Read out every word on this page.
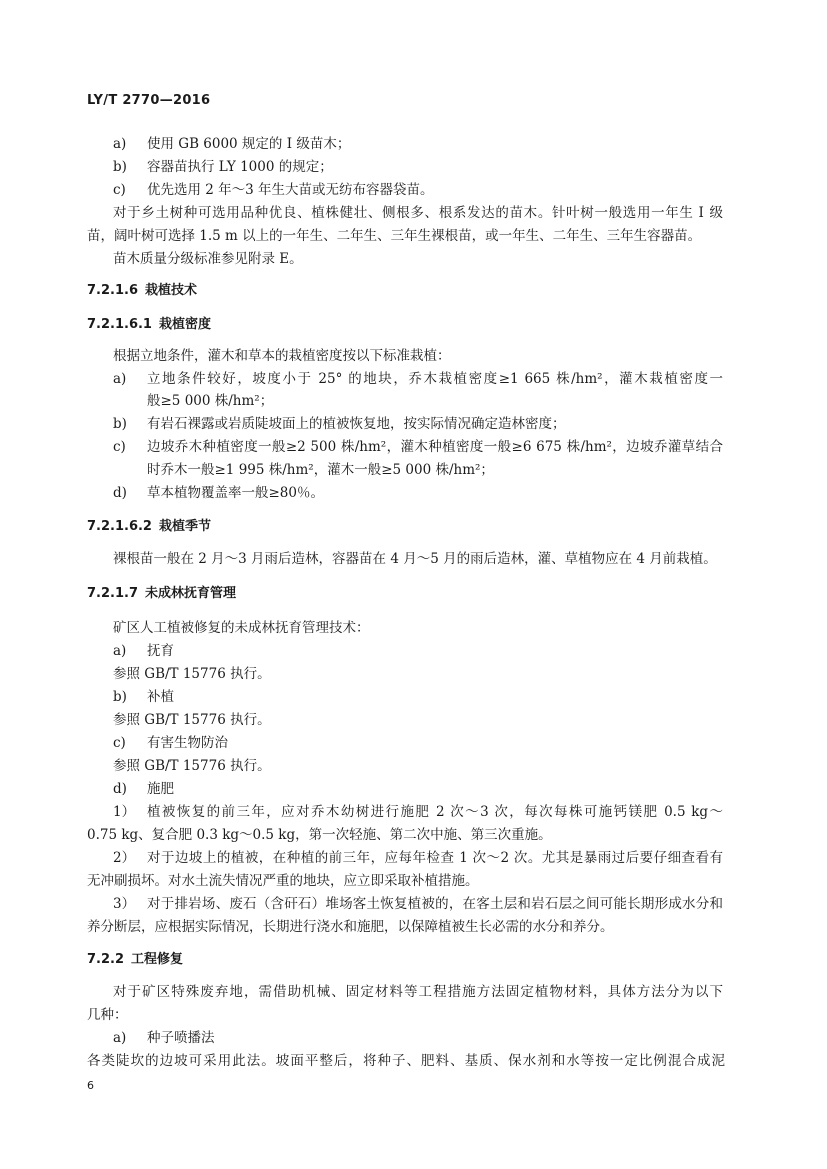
LY/T 2770—2016
a) 使用 GB 6000 规定的 Ⅰ 级苗木；
b) 容器苗执行 LY 1000 的规定；
c) 优先选用 2 年～3 年生大苗或无纺布容器袋苗。
对于乡土树种可选用品种优良、植株健壮、侧根多、根系发达的苗木。针叶树一般选用一年生 Ⅰ 级
苗，阔叶树可选择 1.5 m 以上的一年生、二年生、三年生裸根苗，或一年生、二年生、三年生容器苗。
苗木质量分级标准参见附录 E。
7.2.1.6 栽植技术
7.2.1.6.1 栽植密度
根据立地条件，灌木和草本的栽植密度按以下标准栽植：
a) 立地条件较好，坡度小于 25° 的地块，乔木栽植密度≥1 665 株/hm²，灌木栽植密度一
般≥5 000 株/hm²；
b) 有岩石裸露或岩质陡坡面上的植被恢复地，按实际情况确定造林密度；
c) 边坡乔木种植密度一般≥2 500 株/hm²，灌木种植密度一般≥6 675 株/hm²，边坡乔灌草结合
时乔木一般≥1 995 株/hm²，灌木一般≥5 000 株/hm²；
d) 草本植物覆盖率一般≥80％。
7.2.1.6.2 栽植季节
裸根苗一般在 2 月～3 月雨后造林，容器苗在 4 月～5 月的雨后造林，灌、草植物应在 4 月前栽植。
7.2.1.7 未成林抚育管理
矿区人工植被修复的未成林抚育管理技术：
a) 抚育
参照 GB/T 15776 执行。
b) 补植
参照 GB/T 15776 执行。
c) 有害生物防治
参照 GB/T 15776 执行。
d) 施肥
1） 植被恢复的前三年，应对乔木幼树进行施肥 2 次～3 次，每次每株可施钙镁肥 0.5 kg～
0.75 kg、复合肥 0.3 kg～0.5 kg，第一次轻施、第二次中施、第三次重施。
2） 对于边坡上的植被，在种植的前三年，应每年检查 1 次～2 次。尤其是暴雨过后要仔细查看有
无冲刷损坏。对水土流失情况严重的地块，应立即采取补植措施。
3） 对于排岩场、废石（含矸石）堆场客土恢复植被的，在客土层和岩石层之间可能长期形成水分和
养分断层，应根据实际情况，长期进行浇水和施肥，以保障植被生长必需的水分和养分。
7.2.2 工程修复
对于矿区特殊废弃地，需借助机械、固定材料等工程措施方法固定植物材料，具体方法分为以下
几种：
a) 种子喷播法
各类陡坎的边坡可采用此法。坡面平整后，将种子、肥料、基质、保水剂和水等按一定比例混合成泥
6
